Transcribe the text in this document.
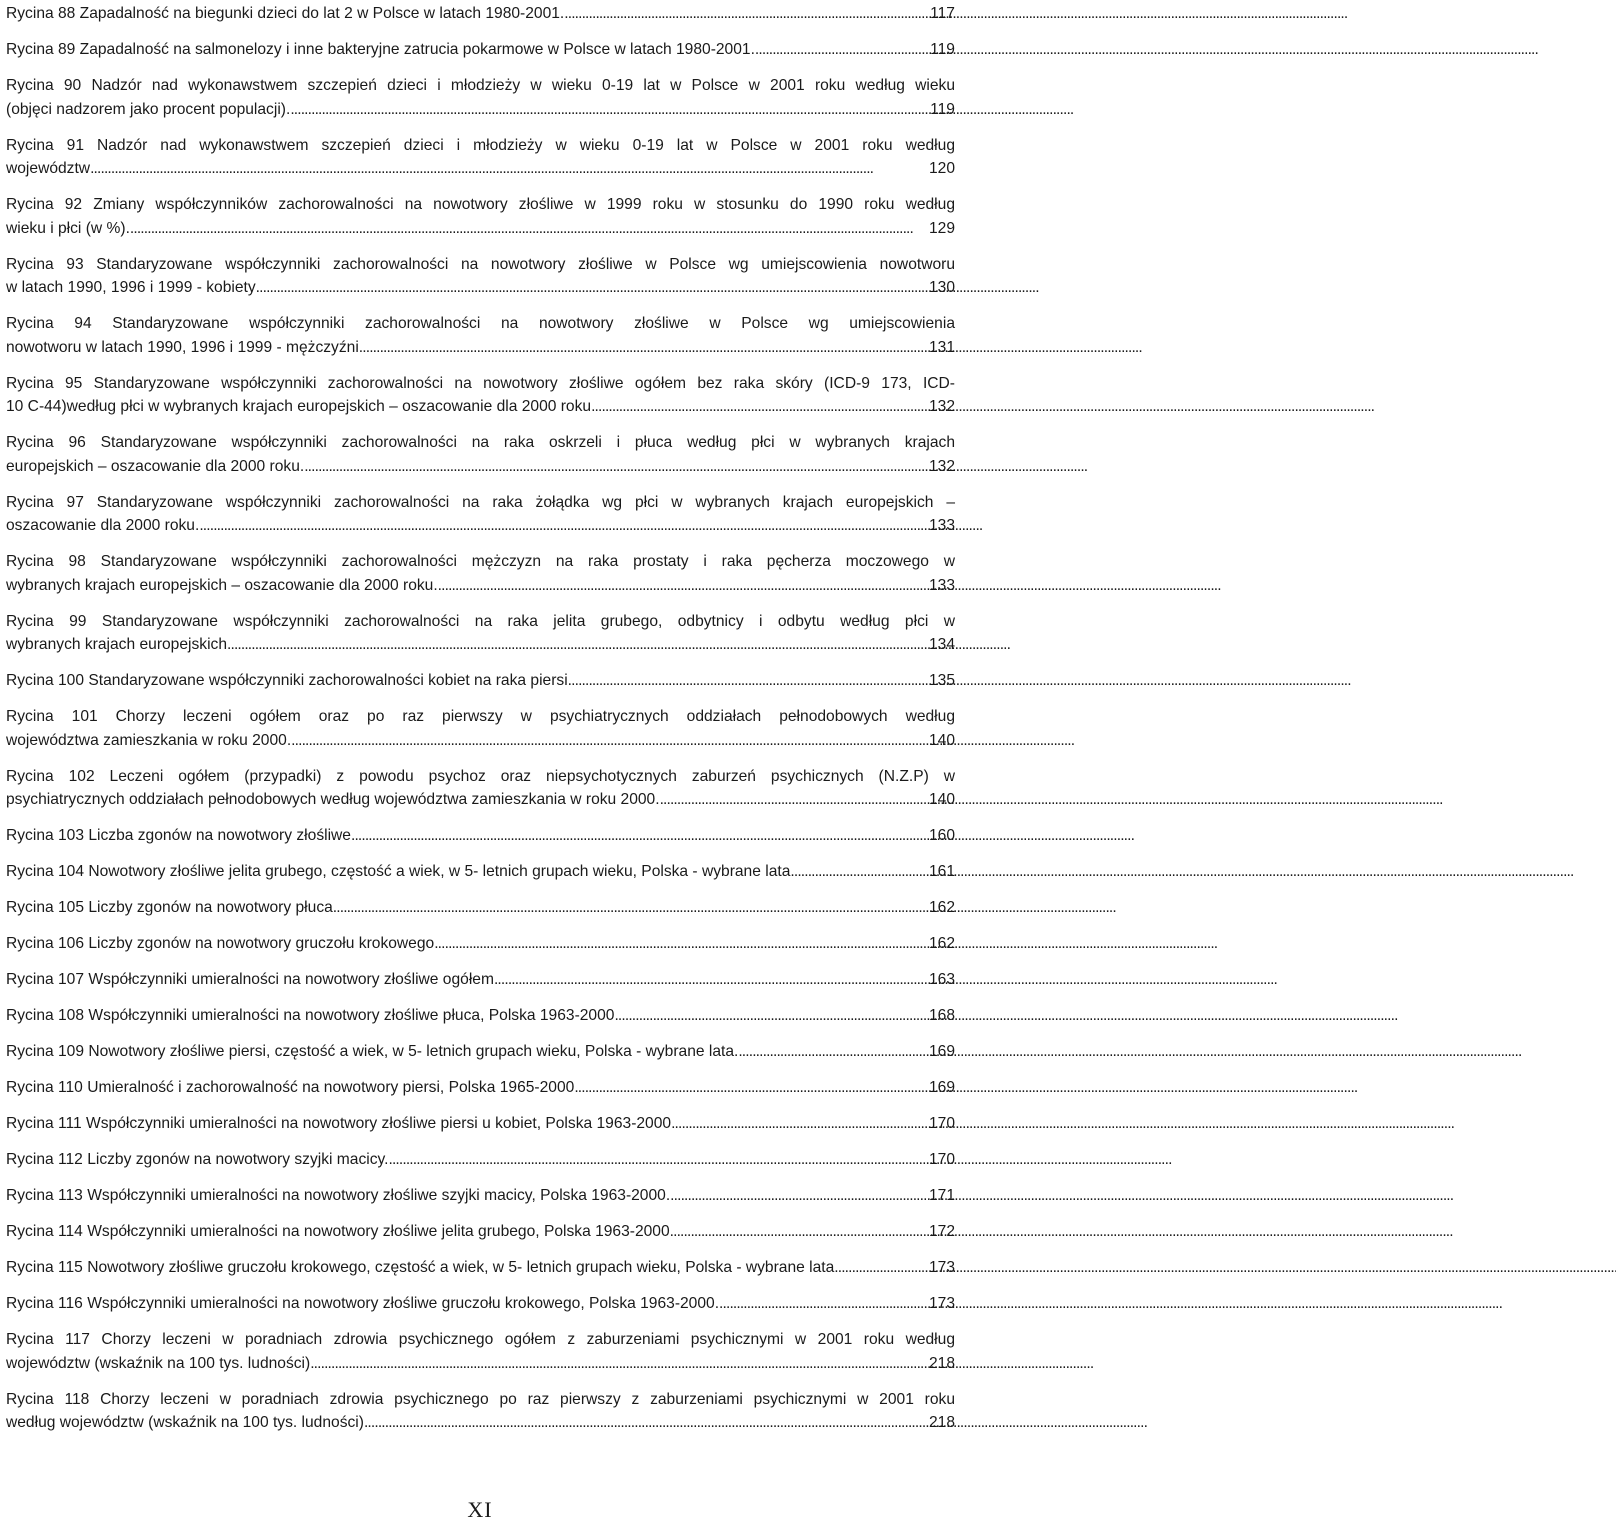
Rycina 88 Zapadalność na biegunki dzieci do lat 2 w Polsce w latach 1980-2001. . . .	117
Rycina 89 Zapadalność na salmonelozy i inne bakteryjne zatrucia pokarmowe w Polsce w latach 1980-2001. . . .	119
Rycina 90 Nadzór nad wykonawstwem szczepień dzieci i młodzieży w wieku 0-19 lat w Polsce w 2001 roku według wieku
(objęci nadzorem jako procent populacji). . . .	119
Rycina 91 Nadzór nad wykonawstwem szczepień dzieci i młodzieży w wieku 0-19 lat w Polsce w 2001 roku według
województw . . .	120
Rycina 92 Zmiany współczynników zachorowalności na nowotwory złośliwe w 1999 roku w stosunku do 1990 roku według
wieku i płci (w %). . . .	129
Rycina 93 Standaryzowane współczynniki zachorowalności na nowotwory złośliwe w Polsce wg umiejscowienia nowotworu
w latach 1990, 1996 i 1999 - kobiety . . .	130
Rycina 94 Standaryzowane współczynniki zachorowalności na nowotwory złośliwe w Polsce wg umiejscowienia
nowotworu w latach 1990, 1996 i 1999 - mężczyźni . . .	131
Rycina 95 Standaryzowane współczynniki zachorowalności na nowotwory złośliwe ogółem bez raka skóry (ICD-9 173, ICD-
10 C-44)według płci w wybranych krajach europejskich – oszacowanie dla 2000 roku . . .	132
Rycina 96 Standaryzowane współczynniki zachorowalności na raka oskrzeli i płuca według płci w wybranych krajach
europejskich – oszacowanie dla 2000 roku. . . .	132
Rycina 97 Standaryzowane współczynniki zachorowalności na raka żołądka wg płci w wybranych krajach europejskich –
oszacowanie dla 2000 roku. . . .	133
Rycina 98 Standaryzowane współczynniki zachorowalności mężczyzn na raka prostaty i raka pęcherza moczowego w
wybranych krajach europejskich – oszacowanie dla 2000 roku. . . .	133
Rycina 99 Standaryzowane współczynniki zachorowalności na raka jelita grubego, odbytnicy i odbytu według płci w
wybranych krajach europejskich . . .	134
Rycina 100 Standaryzowane współczynniki zachorowalności kobiet na raka piersi . . .	135
Rycina 101 Chorzy leczeni ogółem oraz po raz pierwszy w psychiatrycznych oddziałach pełnodobowych według
województwa zamieszkania w roku 2000. . . .	140
Rycina 102 Leczeni ogółem (przypadki) z powodu psychoz oraz niepsychotycznych zaburzeń psychicznych (N.Z.P) w
psychiatrycznych oddziałach pełnodobowych według województwa zamieszkania w roku 2000. . . .	140
Rycina 103 Liczba zgonów na nowotwory złośliwe . . .	160
Rycina 104 Nowotwory złośliwe jelita grubego, częstość a wiek, w 5- letnich grupach wieku, Polska - wybrane lata . . .	161
Rycina 105 Liczby zgonów na nowotwory płuca . . .	162
Rycina 106 Liczby zgonów na nowotwory gruczołu krokowego . . .	162
Rycina 107 Współczynniki umieralności na nowotwory złośliwe ogółem . . .	163
Rycina 108 Współczynniki umieralności na nowotwory złośliwe płuca, Polska 1963-2000 . . .	168
Rycina 109 Nowotwory złośliwe piersi, częstość a wiek, w 5- letnich grupach wieku, Polska - wybrane lata. . . .	169
Rycina 110 Umieralność i zachorowalność na nowotwory piersi, Polska 1965-2000 . . .	169
Rycina 111 Współczynniki umieralności na nowotwory złośliwe piersi u kobiet, Polska 1963-2000 . . .	170
Rycina 112 Liczby zgonów na nowotwory szyjki macicy. . . .	170
Rycina 113 Współczynniki umieralności na nowotwory złośliwe szyjki macicy, Polska 1963-2000. . . .	171
Rycina 114 Współczynniki umieralności na nowotwory złośliwe jelita grubego, Polska 1963-2000 . . .	172
Rycina 115 Nowotwory złośliwe gruczołu krokowego, częstość a wiek, w 5- letnich grupach wieku, Polska - wybrane lata . . .	173
Rycina 116 Współczynniki umieralności na nowotwory złośliwe gruczołu krokowego, Polska 1963-2000. . . .	173
Rycina 117 Chorzy leczeni w poradniach zdrowia psychicznego ogółem z zaburzeniami psychicznymi w 2001 roku według
województw (wskaźnik na 100 tys. ludności) . . .	218
Rycina 118 Chorzy leczeni w poradniach zdrowia psychicznego po raz pierwszy z zaburzeniami psychicznymi w 2001 roku
według województw (wskaźnik na 100 tys. ludności) . . .	218
XI
